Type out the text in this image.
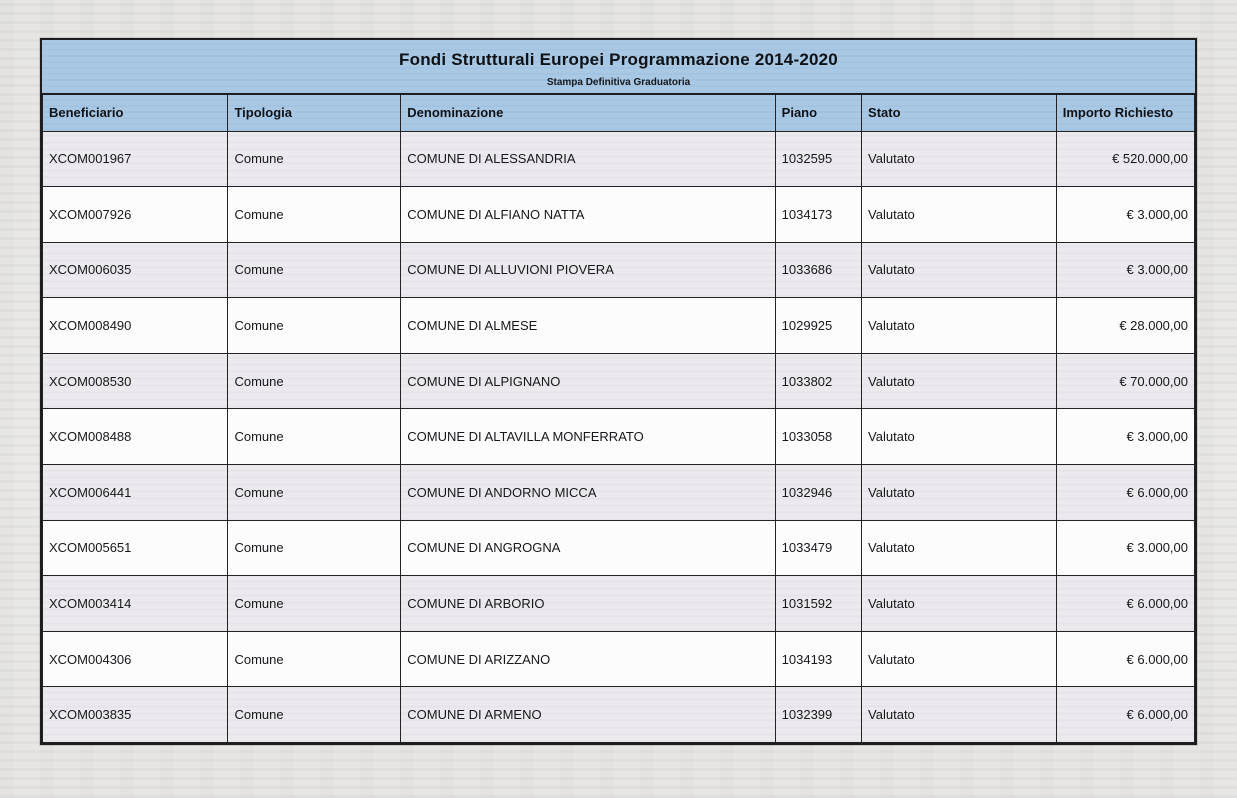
Fondi Strutturali Europei Programmazione 2014-2020
Stampa Definitiva Graduatoria
Beneficiario	Tipologia	Denominazione	Piano	Stato	Importo Richiesto
XCOM001967	Comune	COMUNE DI ALESSANDRIA	1032595	Valutato	€ 520.000,00
XCOM007926	Comune	COMUNE DI ALFIANO NATTA	1034173	Valutato	€ 3.000,00
XCOM006035	Comune	COMUNE DI ALLUVIONI PIOVERA	1033686	Valutato	€ 3.000,00
XCOM008490	Comune	COMUNE DI ALMESE	1029925	Valutato	€ 28.000,00
XCOM008530	Comune	COMUNE DI ALPIGNANO	1033802	Valutato	€ 70.000,00
XCOM008488	Comune	COMUNE DI ALTAVILLA MONFERRATO	1033058	Valutato	€ 3.000,00
XCOM006441	Comune	COMUNE DI ANDORNO MICCA	1032946	Valutato	€ 6.000,00
XCOM005651	Comune	COMUNE DI ANGROGNA	1033479	Valutato	€ 3.000,00
XCOM003414	Comune	COMUNE DI ARBORIO	1031592	Valutato	€ 6.000,00
XCOM004306	Comune	COMUNE DI ARIZZANO	1034193	Valutato	€ 6.000,00
XCOM003835	Comune	COMUNE DI ARMENO	1032399	Valutato	€ 6.000,00
